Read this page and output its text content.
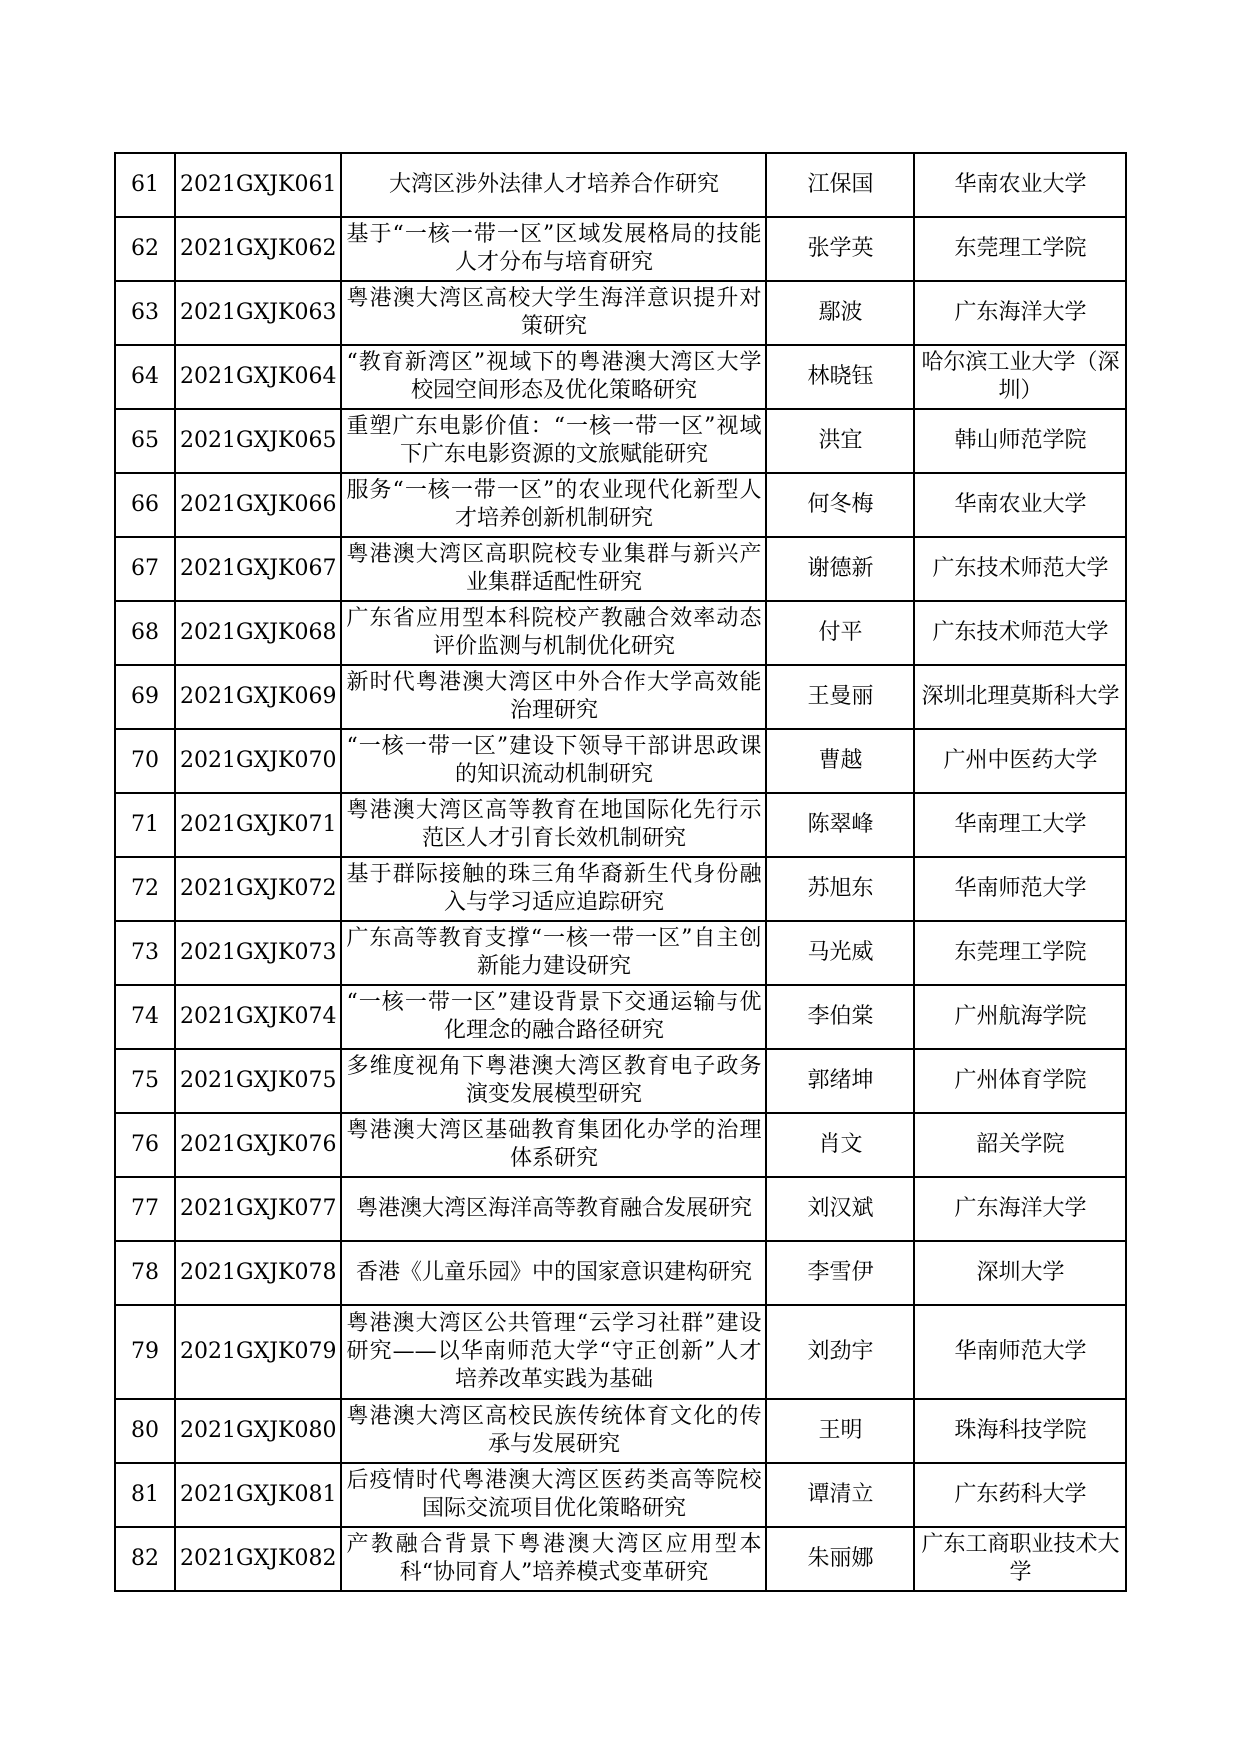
61	2021GXJK061	大湾区涉外法律人才培养合作研究	江保国	华南农业大学
62	2021GXJK062	基于“一核一带一区”区域发展格局的技能人才分布与培育研究	张学英	东莞理工学院
63	2021GXJK063	粤港澳大湾区高校大学生海洋意识提升对策研究	鄢波	广东海洋大学
64	2021GXJK064	“教育新湾区”视域下的粤港澳大湾区大学校园空间形态及优化策略研究	林晓钰	哈尔滨工业大学（深圳）
65	2021GXJK065	重塑广东电影价值：“一核一带一区”视域下广东电影资源的文旅赋能研究	洪宜	韩山师范学院
66	2021GXJK066	服务“一核一带一区”的农业现代化新型人才培养创新机制研究	何冬梅	华南农业大学
67	2021GXJK067	粤港澳大湾区高职院校专业集群与新兴产业集群适配性研究	谢德新	广东技术师范大学
68	2021GXJK068	广东省应用型本科院校产教融合效率动态评价监测与机制优化研究	付平	广东技术师范大学
69	2021GXJK069	新时代粤港澳大湾区中外合作大学高效能治理研究	王曼丽	深圳北理莫斯科大学
70	2021GXJK070	“一核一带一区”建设下领导干部讲思政课的知识流动机制研究	曹越	广州中医药大学
71	2021GXJK071	粤港澳大湾区高等教育在地国际化先行示范区人才引育长效机制研究	陈翠峰	华南理工大学
72	2021GXJK072	基于群际接触的珠三角华裔新生代身份融入与学习适应追踪研究	苏旭东	华南师范大学
73	2021GXJK073	广东高等教育支撑“一核一带一区”自主创新能力建设研究	马光威	东莞理工学院
74	2021GXJK074	“一核一带一区”建设背景下交通运输与优化理念的融合路径研究	李伯棠	广州航海学院
75	2021GXJK075	多维度视角下粤港澳大湾区教育电子政务演变发展模型研究	郭绪坤	广州体育学院
76	2021GXJK076	粤港澳大湾区基础教育集团化办学的治理体系研究	肖文	韶关学院
77	2021GXJK077	粤港澳大湾区海洋高等教育融合发展研究	刘汉斌	广东海洋大学
78	2021GXJK078	香港《儿童乐园》中的国家意识建构研究	李雪伊	深圳大学
79	2021GXJK079	粤港澳大湾区公共管理“云学习社群”建设研究——以华南师范大学“守正创新”人才培养改革实践为基础	刘劲宇	华南师范大学
80	2021GXJK080	粤港澳大湾区高校民族传统体育文化的传承与发展研究	王明	珠海科技学院
81	2021GXJK081	后疫情时代粤港澳大湾区医药类高等院校国际交流项目优化策略研究	谭清立	广东药科大学
82	2021GXJK082	产教融合背景下粤港澳大湾区应用型本科“协同育人”培养模式变革研究	朱丽娜	广东工商职业技术大学
